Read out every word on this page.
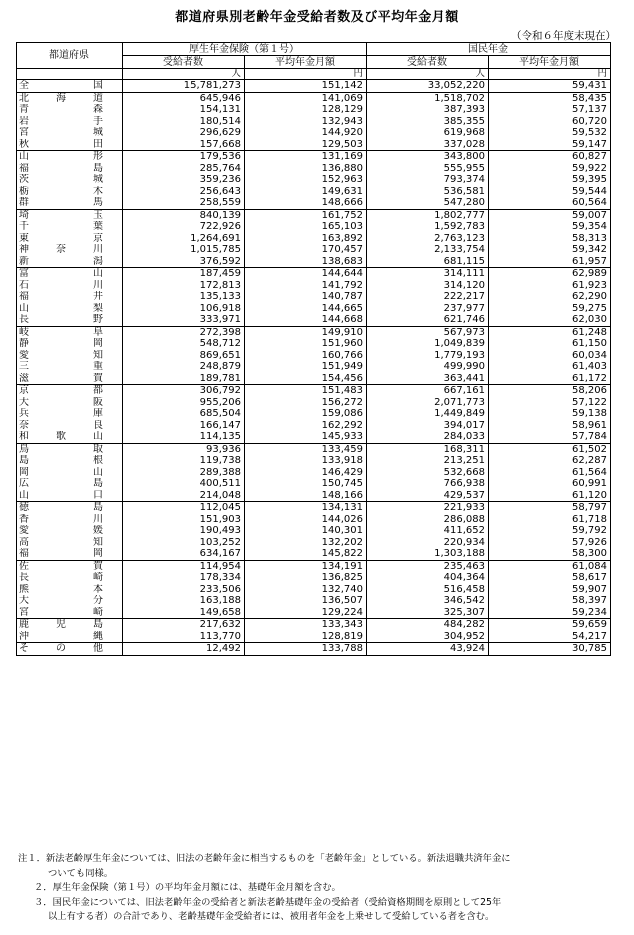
都道府県別老齢年金受給者数及び平均年金月額
（令和６年度末現在）
都道府県	厚生年金保険（第１号）		国民年金	
	受給者数	平均年金月額	受給者数	平均年金月額
	人	円	人	円

全国	15,781,273	151,142	33,052,220	59,431

北海道	645,946	141,069	1,518,702	58,435

青森	154,131	128,129	387,393	57,137

岩手	180,514	132,943	385,355	60,720

宮城	296,629	144,920	619,968	59,532

秋田	157,668	129,503	337,028	59,147

山形	179,536	131,169	343,800	60,827

福島	285,764	136,880	555,955	59,922

茨城	359,236	152,963	793,374	59,395

栃木	256,643	149,631	536,581	59,544

群馬	258,559	148,666	547,280	60,564

埼玉	840,139	161,752	1,802,777	59,007

千葉	722,926	165,103	1,592,783	59,354

東京	1,264,691	163,892	2,763,123	58,313

神奈川	1,015,785	170,457	2,133,754	59,342

新潟	376,592	138,683	681,115	61,957

富山	187,459	144,644	314,111	62,989

石川	172,813	141,792	314,120	61,923

福井	135,133	140,787	222,217	62,290

山梨	106,918	144,665	237,977	59,275

長野	333,971	144,668	621,746	62,030

岐阜	272,398	149,910	567,973	61,248

静岡	548,712	151,960	1,049,839	61,150

愛知	869,651	160,766	1,779,193	60,034

三重	248,879	151,949	499,990	61,403

滋賀	189,781	154,456	363,441	61,172

京都	306,792	151,483	667,161	58,206

大阪	955,206	156,272	2,071,773	57,122

兵庫	685,504	159,086	1,449,849	59,138

奈良	166,147	162,292	394,017	58,961

和歌山	114,135	145,933	284,033	57,784

鳥取	93,936	133,459	168,311	61,502

島根	119,738	133,918	213,251	62,287

岡山	289,388	146,429	532,668	61,564

広島	400,511	150,745	766,938	60,991

山口	214,048	148,166	429,537	61,120

徳島	112,045	134,131	221,933	58,797

香川	151,903	144,026	286,088	61,718

愛媛	190,493	140,301	411,652	59,792

高知	103,252	132,202	220,934	57,926

福岡	634,167	145,822	1,303,188	58,300

佐賀	114,954	134,191	235,463	61,084

長崎	178,334	136,825	404,364	58,617

熊本	233,506	132,740	516,458	59,907

大分	163,188	136,507	346,542	58,397

宮崎	149,658	129,224	325,307	59,234

鹿児島	217,632	133,343	484,282	59,659

沖縄	113,770	128,819	304,952	54,217

その他	12,492	133,788	43,924	30,785
注１．新法老齢厚生年金については、旧法の老齢年金に相当するものを「老齢年金」としている。新法退職共済年金に
ついても同様。
２．厚生年金保険（第１号）の平均年金月額には、基礎年金月額を含む。
３．国民年金については、旧法老齢年金の受給者と新法老齢基礎年金の受給者（受給資格期間を原則として25年
以上有する者）の合計であり、老齢基礎年金受給者には、被用者年金を上乗せして受給している者を含む。
